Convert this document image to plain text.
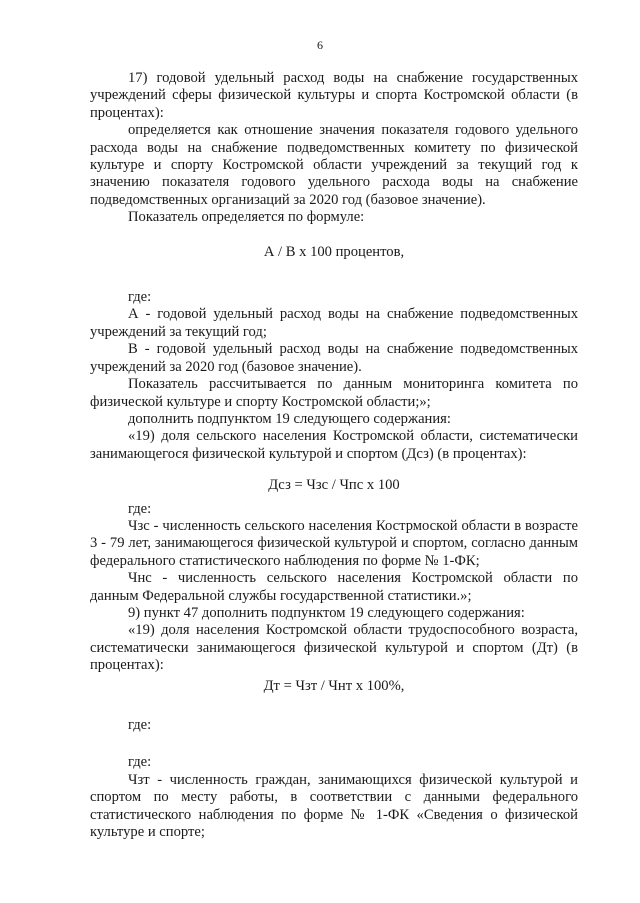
6

17) годовой удельный расход воды на снабжение государственных учреждений сферы физической культуры и спорта Костромской области (в процентах):

определяется как отношение значения показателя годового удельного расхода воды на снабжение подведомственных комитету по физической культуре и спорту Костромской области учреждений за текущий год к значению показателя годового удельного расхода воды на снабжение подведомственных организаций за 2020 год (базовое значение).

Показатель определяется по формуле:

А / В х 100 процентов,

где:

А - годовой удельный расход воды на снабжение подведомственных учреждений за текущий год;

В - годовой удельный расход воды на снабжение подведомственных учреждений за 2020 год (базовое значение).

Показатель рассчитывается по данным мониторинга комитета по физической культуре и спорту Костромской области;»;

дополнить подпунктом 19 следующего содержания:

«19) доля сельского населения Костромской области, систематически занимающегося физической культурой и спортом (Дсз) (в процентах):

Дсз = Чзс / Чпс х 100

где:

Чзс - численность сельского населения Кострмоской области в возрасте 3 - 79 лет, занимающегося физической культурой и спортом, согласно данным федерального статистического наблюдения по форме № 1-ФК;

Чнс - численность сельского населения Костромской области по данным Федеральной службы государственной статистики.»;

9) пункт 47 дополнить подпунктом 19 следующего содержания:

«19) доля населения Костромской области трудоспособного возраста, систематически занимающегося физической культурой и спортом (Дт) (в процентах):

Дт = Чзт / Чнт х 100%,

где:

где:

Чзт - численность граждан, занимающихся физической культурой и спортом по месту работы, в соответствии с данными федерального статистического наблюдения по форме № 1-ФК «Сведения о физической культуре и спорте;
